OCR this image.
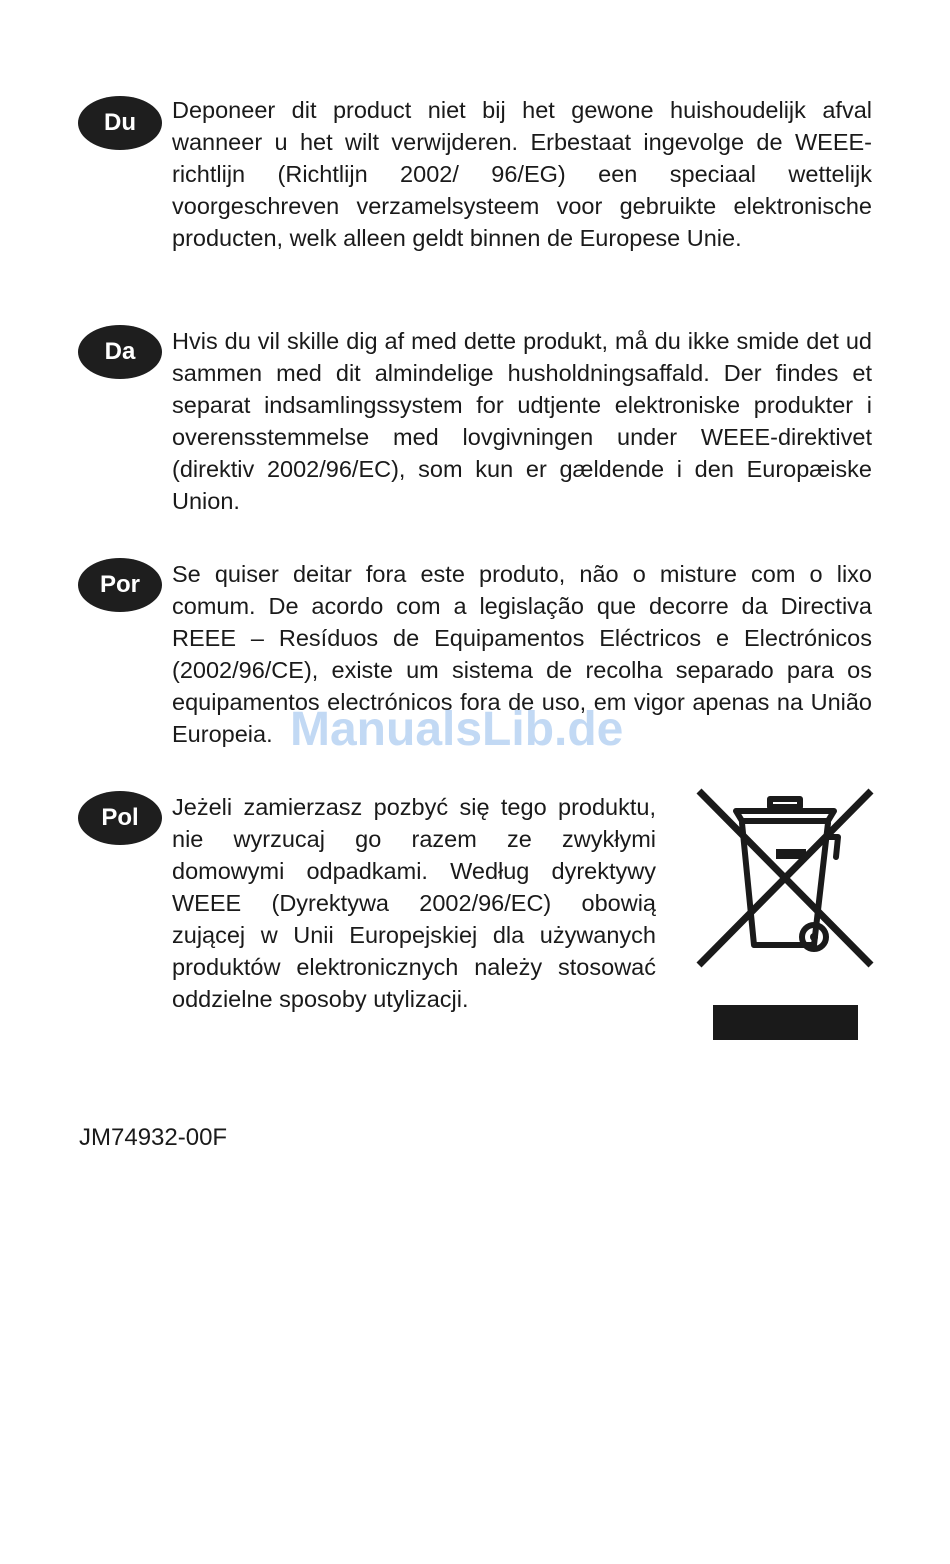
Du	Deponeer dit product niet bij het gewone huishoudelijk afval wanneer u het wilt verwijderen. Erbestaat ingevolge de WEEE-richtlijn (Richtlijn 2002/ 96/EG) een speciaal wettelijk voorgeschreven verzamelsysteem voor gebruikte elektronische producten, welk alleen geldt binnen de Europese Unie.

Da	Hvis du vil skille dig af med dette produkt, må du ikke smide det ud sammen med dit almindelige husholdningsaffald. Der findes et separat indsamlingssystem for udtjente elektroniske produkter i overensstemmelse med lovgivningen under WEEE-direktivet (direktiv 2002/96/EC), som kun er gældende i den Europæiske Union.

Por	Se quiser deitar fora este produto, não o misture com o lixo comum. De acordo com a legislação que decorre da Directiva REEE – Resíduos de Equipamentos Eléctricos e Electrónicos (2002/96/CE), existe um sistema de recolha separado para os equipamentos electrónicos fora de uso, em vigor apenas na União Europeia.

Pol	Jeżeli zamierzasz pozbyć się tego produktu, nie wyrzucaj go razem ze zwykłymi domowymi odpadkami. Według dyrektywy WEEE (Dyrektywa 2002/96/EC) obowią zującej w Unii Europejskiej dla używanych produktów elektronicznych należy stosować oddzielne sposoby utylizacji.

JM74932-00F

ManualsLib.de
